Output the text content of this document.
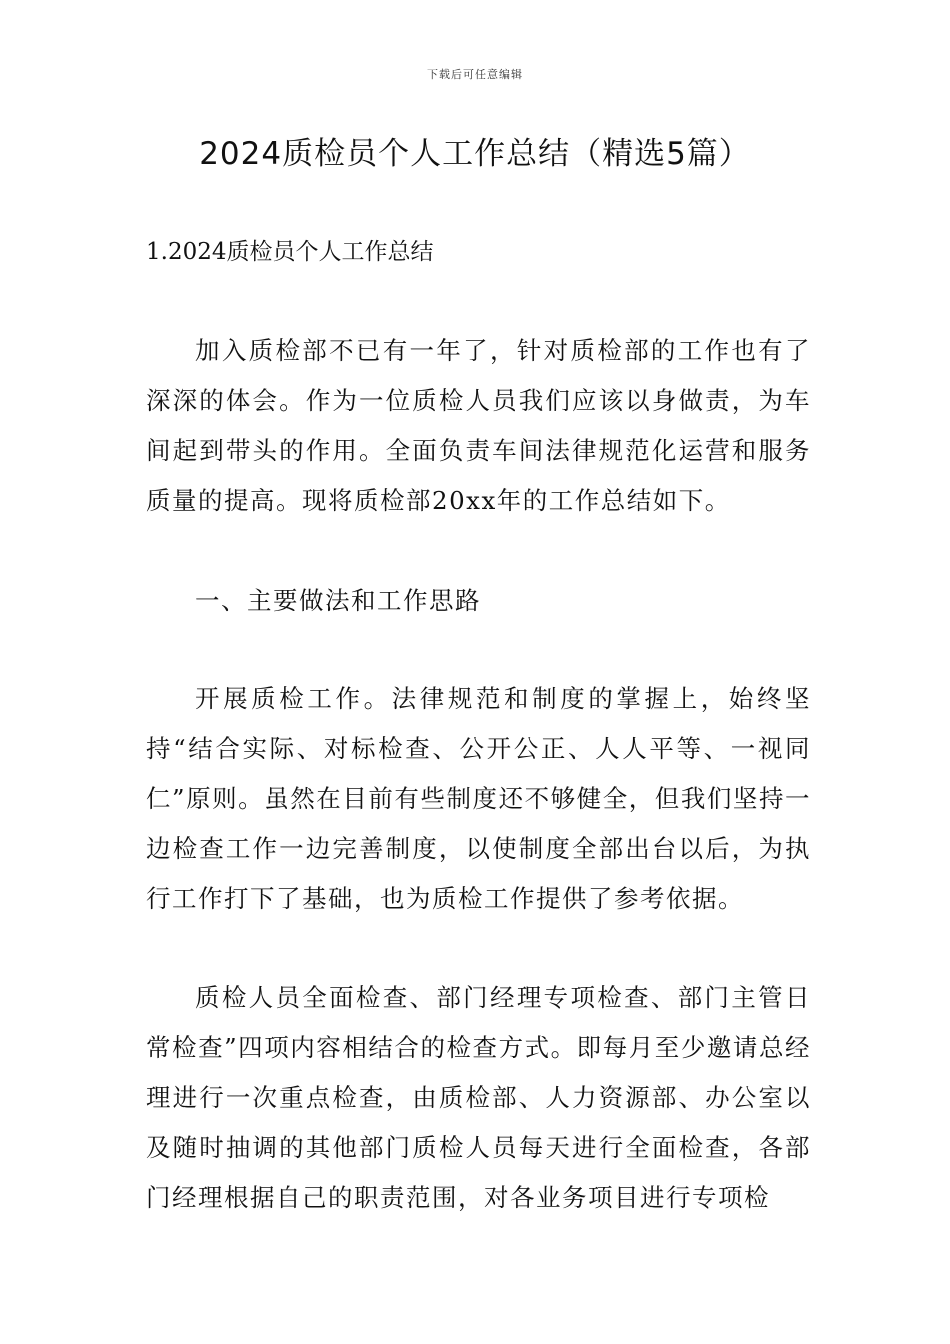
下载后可任意编辑
2024质检员个人工作总结（精选5篇）
1.2024质检员个人工作总结

加入质检部不已有一年了，针对质检部的工作也有了深深的体会。作为一位质检人员我们应该以身做责，为车间起到带头的作用。全面负责车间法律规范化运营和服务质量的提高。现将质检部20xx年的工作总结如下。

一、主要做法和工作思路

开展质检工作。法律规范和制度的掌握上，始终坚持“结合实际、对标检查、公开公正、人人平等、一视同仁”原则。虽然在目前有些制度还不够健全，但我们坚持一边检查工作一边完善制度，以使制度全部出台以后，为执行工作打下了基础，也为质检工作提供了参考依据。

质检人员全面检查、部门经理专项检查、部门主管日常检查”四项内容相结合的检查方式。即每月至少邀请总经理进行一次重点检查，由质检部、人力资源部、办公室以及随时抽调的其他部门质检人员每天进行全面检查，各部门经理根据自己的职责范围，对各业务项目进行专项检
